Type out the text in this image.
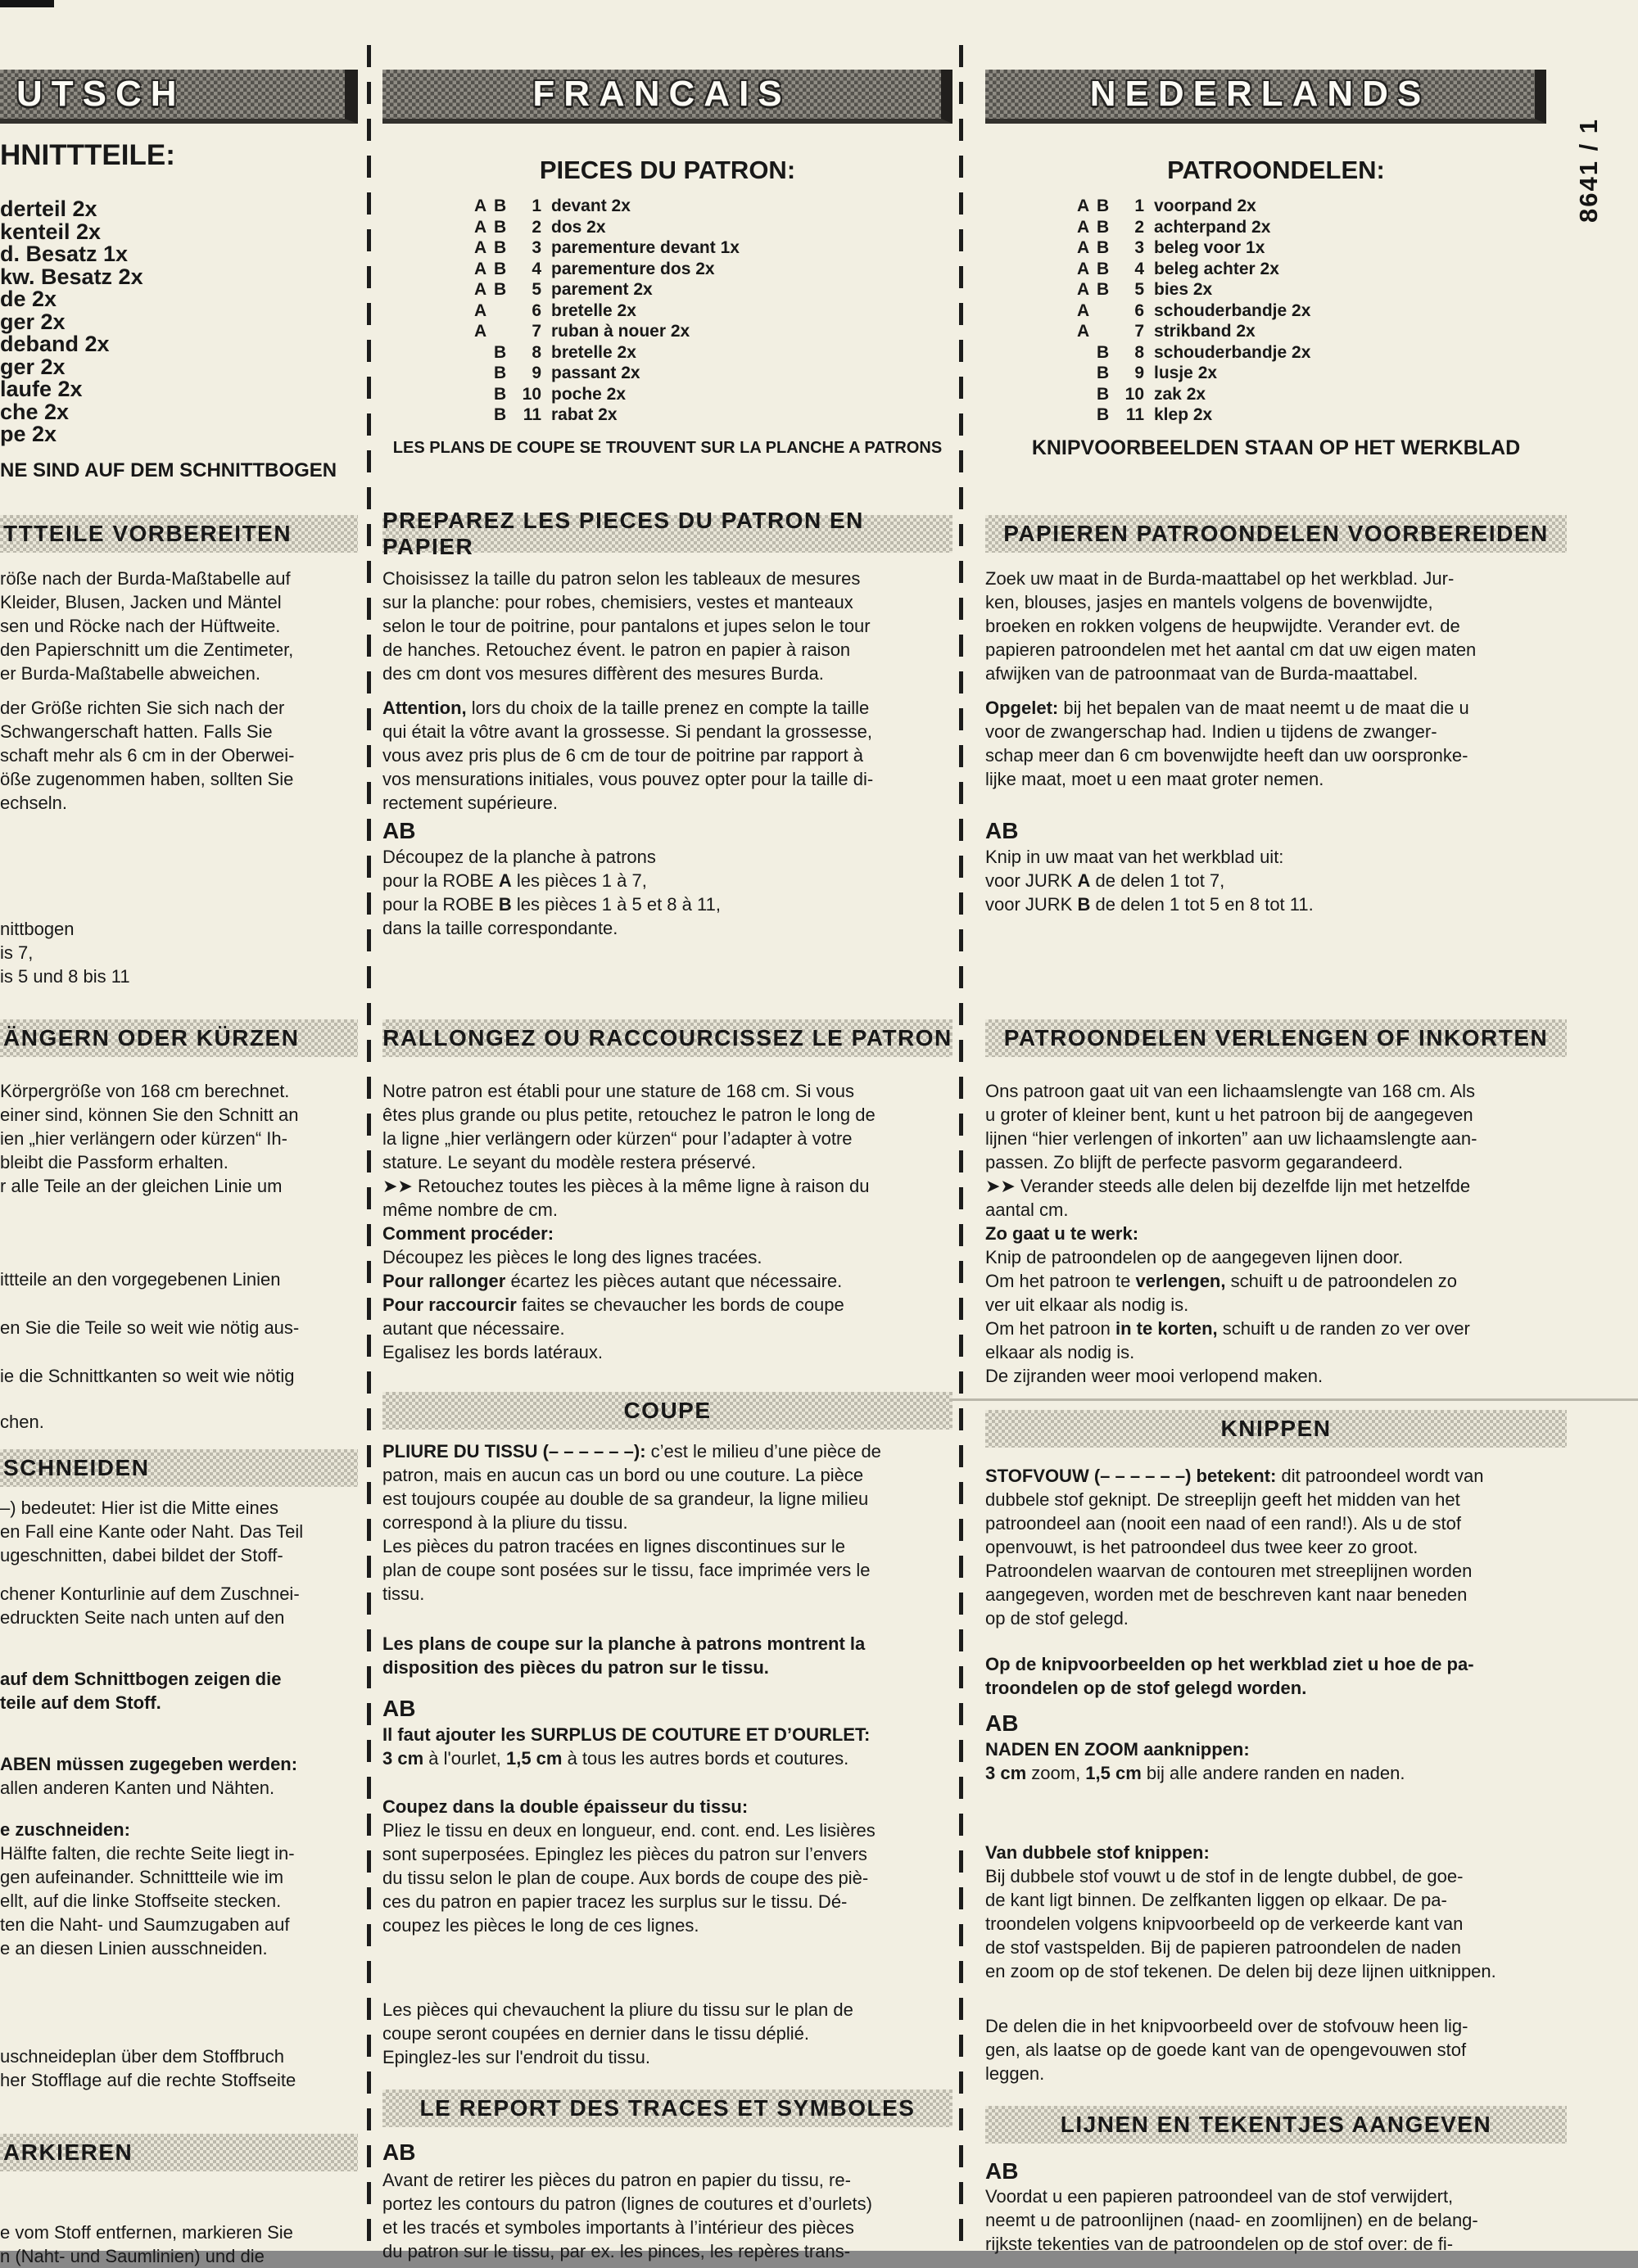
8641 / 1
UTSCH
HNITTTEILE:
derteil 2x
kenteil 2x
d. Besatz 1x
kw. Besatz 2x
de 2x
ger 2x
deband 2x
ger 2x
laufe 2x
che 2x
pe 2x
NE SIND AUF DEM SCHNITTBOGEN
TTTEILE VORBEREITEN
röße nach der Burda-Maßtabelle auf
Kleider, Blusen, Jacken und Mäntel
sen und Röcke nach der Hüftweite.
den Papierschnitt um die Zentimeter,
er Burda-Maßtabelle abweichen.
der Größe richten Sie sich nach der
Schwangerschaft hatten. Falls Sie
schaft mehr als 6 cm in der Oberwei-
öße zugenommen haben, sollten Sie
echseln.
nittbogen
is 7,
is 5 und 8 bis 11
ÄNGERN ODER KÜRZEN
Körpergröße von 168 cm berechnet.
einer sind, können Sie den Schnitt an
ien „hier verlängern oder kürzen“ Ih-
bleibt die Passform erhalten.
r alle Teile an der gleichen Linie um
ittteile an den vorgegebenen Linien
en Sie die Teile so weit wie nötig aus-
ie die Schnittkanten so weit wie nötig
chen.
SCHNEIDEN
–) bedeutet: Hier ist die Mitte eines
en Fall eine Kante oder Naht. Das Teil
ugeschnitten, dabei bildet der Stoff-
chener Konturlinie auf dem Zuschnei-
edruckten Seite nach unten auf den
auf dem Schnittbogen zeigen die
teile auf dem Stoff.
ABEN müssen zugegeben werden:
allen anderen Kanten und Nähten.
e zuschneiden:
Hälfte falten, die rechte Seite liegt in-
gen aufeinander. Schnittteile wie im
ellt, auf die linke Stoffseite stecken.
ten die Naht- und Saumzugaben auf
e an diesen Linien ausschneiden.
uschneideplan über dem Stoffbruch
her Stofflage auf die rechte Stoffseite
ARKIEREN
e vom Stoff entfernen, markieren Sie
n (Naht- und Saumlinien) und die
FRANCAIS
PIECES DU PATRON:
A B	1 devant 2x
A B	2 dos 2x
A B	3 parementure devant 1x
A B	4 parementure dos 2x
A B	5 parement 2x
A	6 bretelle 2x
A	7 ruban à nouer 2x
B	8 bretelle 2x
B	9 passant 2x
B 10 poche 2x
B 11 rabat 2x
LES PLANS DE COUPE SE TROUVENT SUR LA PLANCHE A PATRONS
PREPAREZ LES PIECES DU PATRON EN PAPIER
Choisissez la taille du patron selon les tableaux de mesures
sur la planche: pour robes, chemisiers, vestes et manteaux
selon le tour de poitrine, pour pantalons et jupes selon le tour
de hanches. Retouchez évent. le patron en papier à raison
des cm dont vos mesures diffèrent des mesures Burda.
Attention, lors du choix de la taille prenez en compte la taille
qui était la vôtre avant la grossesse. Si pendant la grossesse,
vous avez pris plus de 6 cm de tour de poitrine par rapport à
vos mensurations initiales, vous pouvez opter pour la taille di-
rectement supérieure.
AB
Découpez de la planche à patrons
pour la ROBE A les pièces 1 à 7,
pour la ROBE B les pièces 1 à 5 et 8 à 11,
dans la taille correspondante.
RALLONGEZ OU RACCOURCISSEZ LE PATRON
Notre patron est établi pour une stature de 168 cm. Si vous
êtes plus grande ou plus petite, retouchez le patron le long de
la ligne „hier verlängern oder kürzen“ pour l’adapter à votre
stature. Le seyant du modèle restera préservé.
➤➤ Retouchez toutes les pièces à la même ligne à raison du
même nombre de cm.
Comment procéder:
Découpez les pièces le long des lignes tracées.
Pour rallonger écartez les pièces autant que nécessaire.
Pour raccourcir faites se chevaucher les bords de coupe
autant que nécessaire.
Egalisez les bords latéraux.
COUPE
PLIURE DU TISSU (– – – – – –): c’est le milieu d’une pièce de
patron, mais en aucun cas un bord ou une couture. La pièce
est toujours coupée au double de sa grandeur, la ligne milieu
correspond à la pliure du tissu.
Les pièces du patron tracées en lignes discontinues sur le
plan de coupe sont posées sur le tissu, face imprimée vers le
tissu.
Les plans de coupe sur la planche à patrons montrent la
disposition des pièces du patron sur le tissu.
AB
Il faut ajouter les SURPLUS DE COUTURE ET D’OURLET:
3 cm à l'ourlet, 1,5 cm à tous les autres bords et coutures.
Coupez dans la double épaisseur du tissu:
Pliez le tissu en deux en longueur, end. cont. end. Les lisières
sont superposées. Epinglez les pièces du patron sur l’envers
du tissu selon le plan de coupe. Aux bords de coupe des piè-
ces du patron en papier tracez les surplus sur le tissu. Dé-
coupez les pièces le long de ces lignes.
Les pièces qui chevauchent la pliure du tissu sur le plan de
coupe seront coupées en dernier dans le tissu déplié.
Epinglez-les sur l'endroit du tissu.
LE REPORT DES TRACES ET SYMBOLES
AB
Avant de retirer les pièces du patron en papier du tissu, re-
portez les contours du patron (lignes de coutures et d’ourlets)
et les tracés et symboles importants à l’intérieur des pièces
du patron sur le tissu, par ex. les pinces, les repères trans-
NEDERLANDS
PATROONDELEN:
A B	1 voorpand 2x
A B	2 achterpand 2x
A B	3 beleg voor 1x
A B	4 beleg achter 2x
A B	5 bies 2x
A	6 schouderbandje 2x
A	7 strikband 2x
B	8 schouderbandje 2x
B	9 lusje 2x
B 10 zak 2x
B 11 klep 2x
KNIPVOORBEELDEN STAAN OP HET WERKBLAD
PAPIEREN PATROONDELEN VOORBEREIDEN
Zoek uw maat in de Burda-maattabel op het werkblad. Jur-
ken, blouses, jasjes en mantels volgens de bovenwijdte,
broeken en rokken volgens de heupwijdte. Verander evt. de
papieren patroondelen met het aantal cm dat uw eigen maten
afwijken van de patroonmaat van de Burda-maattabel.
Opgelet: bij het bepalen van de maat neemt u de maat die u
voor de zwangerschap had. Indien u tijdens de zwanger-
schap meer dan 6 cm bovenwijdte heeft dan uw oorspronke-
lijke maat, moet u een maat groter nemen.
AB
Knip in uw maat van het werkblad uit:
voor JURK A de delen 1 tot 7,
voor JURK B de delen 1 tot 5 en 8 tot 11.
PATROONDELEN VERLENGEN OF INKORTEN
Ons patroon gaat uit van een lichaamslengte van 168 cm. Als
u groter of kleiner bent, kunt u het patroon bij de aangegeven
lijnen “hier verlengen of inkorten” aan uw lichaamslengte aan-
passen. Zo blijft de perfecte pasvorm gegarandeerd.
➤➤ Verander steeds alle delen bij dezelfde lijn met hetzelfde
aantal cm.
Zo gaat u te werk:
Knip de patroondelen op de aangegeven lijnen door.
Om het patroon te verlengen, schuift u de patroondelen zo
ver uit elkaar als nodig is.
Om het patroon in te korten, schuift u de randen zo ver over
elkaar als nodig is.
De zijranden weer mooi verlopend maken.
KNIPPEN
STOFVOUW (– – – – – –) betekent: dit patroondeel wordt van
dubbele stof geknipt. De streeplijn geeft het midden van het
patroondeel aan (nooit een naad of een rand!). Als u de stof
openvouwt, is het patroondeel dus twee keer zo groot.
Patroondelen waarvan de contouren met streeplijnen worden
aangegeven, worden met de beschreven kant naar beneden
op de stof gelegd.
Op de knipvoorbeelden op het werkblad ziet u hoe de pa-
troondelen op de stof gelegd worden.
AB
NADEN EN ZOOM aanknippen:
3 cm zoom, 1,5 cm bij alle andere randen en naden.
Van dubbele stof knippen:
Bij dubbele stof vouwt u de stof in de lengte dubbel, de goe-
de kant ligt binnen. De zelfkanten liggen op elkaar. De pa-
troondelen volgens knipvoorbeeld op de verkeerde kant van
de stof vastspelden. Bij de papieren patroondelen de naden
en zoom op de stof tekenen. De delen bij deze lijnen uitknippen.
De delen die in het knipvoorbeeld over de stofvouw heen lig-
gen, als laatse op de goede kant van de opengevouwen stof
leggen.
LIJNEN EN TEKENTJES AANGEVEN
AB
Voordat u een papieren patroondeel van de stof verwijdert,
neemt u de patroonlijnen (naad- en zoomlijnen) en de belang-
rijkste tekenties van de patroondelen op de stof over: de fi-
